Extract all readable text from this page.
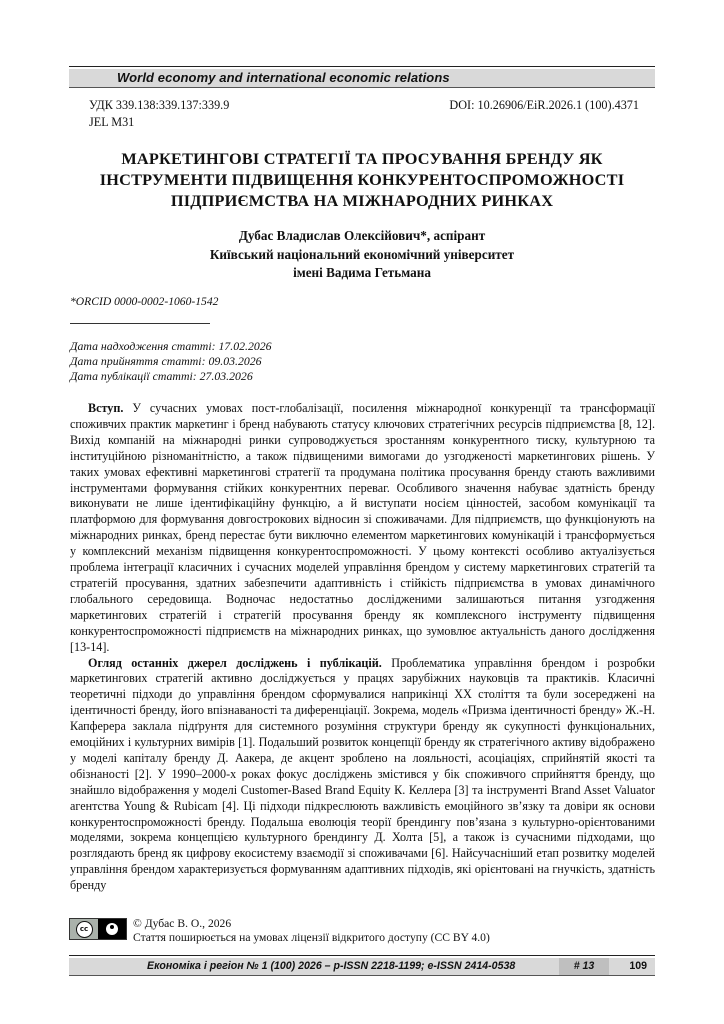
World economy and international economic relations
УДК 339.138:339.137:339.9
JEL M31
DOI: 10.26906/EiR.2026.1 (100).4371
МАРКЕТИНГОВІ СТРАТЕГІЇ ТА ПРОСУВАННЯ БРЕНДУ ЯК
ІНСТРУМЕНТИ ПІДВИЩЕННЯ КОНКУРЕНТОСПРОМОЖНОСТІ
ПІДПРИЄМСТВА НА МІЖНАРОДНИХ РИНКАХ
Дубас Владислав Олексійович*, аспірант
Київський національний економічний університет
імені Вадима Гетьмана
*ORCID 0000-0002-1060-1542
Дата надходження статті: 17.02.2026
Дата прийняття статті: 09.03.2026
Дата публікації статті: 27.03.2026

Вступ. У сучасних умовах пост-глобалізації, посилення міжнародної конкуренції та трансформації споживчих практик маркетинг і бренд набувають статусу ключових стратегічних ресурсів підприємства [8, 12]. Вихід компаній на міжнародні ринки супроводжується зростанням конкурентного тиску, культурною та інституційною різноманітністю, а також підвищеними вимогами до узгодженості маркетингових рішень. У таких умовах ефективні маркетингові стратегії та продумана політика просування бренду стають важливими інструментами формування стійких конкурентних переваг. Особливого значення набуває здатність бренду виконувати не лише ідентифікаційну функцію, а й виступати носієм цінностей, засобом комунікації та платформою для формування довгострокових відносин зі споживачами. Для підприємств, що функціонують на міжнародних ринках, бренд перестає бути виключно елементом маркетингових комунікацій і трансформується у комплексний механізм підвищення конкурентоспроможності. У цьому контексті особливо актуалізується проблема інтеграції класичних і сучасних моделей управління брендом у систему маркетингових стратегій та стратегій просування, здатних забезпечити адаптивність і стійкість підприємства в умовах динамічного глобального середовища. Водночас недостатньо дослідженими залишаються питання узгодження маркетингових стратегій і стратегій просування бренду як комплексного інструменту підвищення конкурентоспроможності підприємств на міжнародних ринках, що зумовлює актуальність даного дослідження [13-14].

Огляд останніх джерел досліджень і публікацій. Проблематика управління брендом і розробки маркетингових стратегій активно досліджується у працях зарубіжних науковців та практиків. Класичні теоретичні підходи до управління брендом сформувалися наприкінці XX століття та були зосереджені на ідентичності бренду, його впізнаваності та диференціації. Зокрема, модель «Призма ідентичності бренду» Ж.-Н. Капферера заклала підґрунтя для системного розуміння структури бренду як сукупності функціональних, емоційних і культурних вимірів [1]. Подальший розвиток концепції бренду як стратегічного активу відображено у моделі капіталу бренду Д. Аакера, де акцент зроблено на лояльності, асоціаціях, сприйнятій якості та обізнаності [2]. У 1990–2000-х роках фокус досліджень змістився у бік споживчого сприйняття бренду, що знайшло відображення у моделі Customer-Based Brand Equity К. Келлера [3] та інструменті Brand Asset Valuator агентства Young & Rubicam [4]. Ці підходи підкреслюють важливість емоційного зв’язку та довіри як основи конкурентоспроможності бренду. Подальша еволюція теорії брендингу пов’язана з культурно-орієнтованими моделями, зокрема концепцією культурного брендингу Д. Холта [5], а також із сучасними підходами, що розглядають бренд як цифрову екосистему взаємодії зі споживачами [6]. Найсучасніший етап розвитку моделей управління брендом характеризується формуванням адаптивних підходів, які орієнтовані на гнучкість, здатність бренду

cc	© Дубас В. О., 2026
Стаття поширюється на умовах ліцензії відкритого доступу (CC BY 4.0)
Економіка і регіон № 1 (100) 2026 – p-ISSN 2218-1199; e-ISSN 2414-0538	# 13	109
